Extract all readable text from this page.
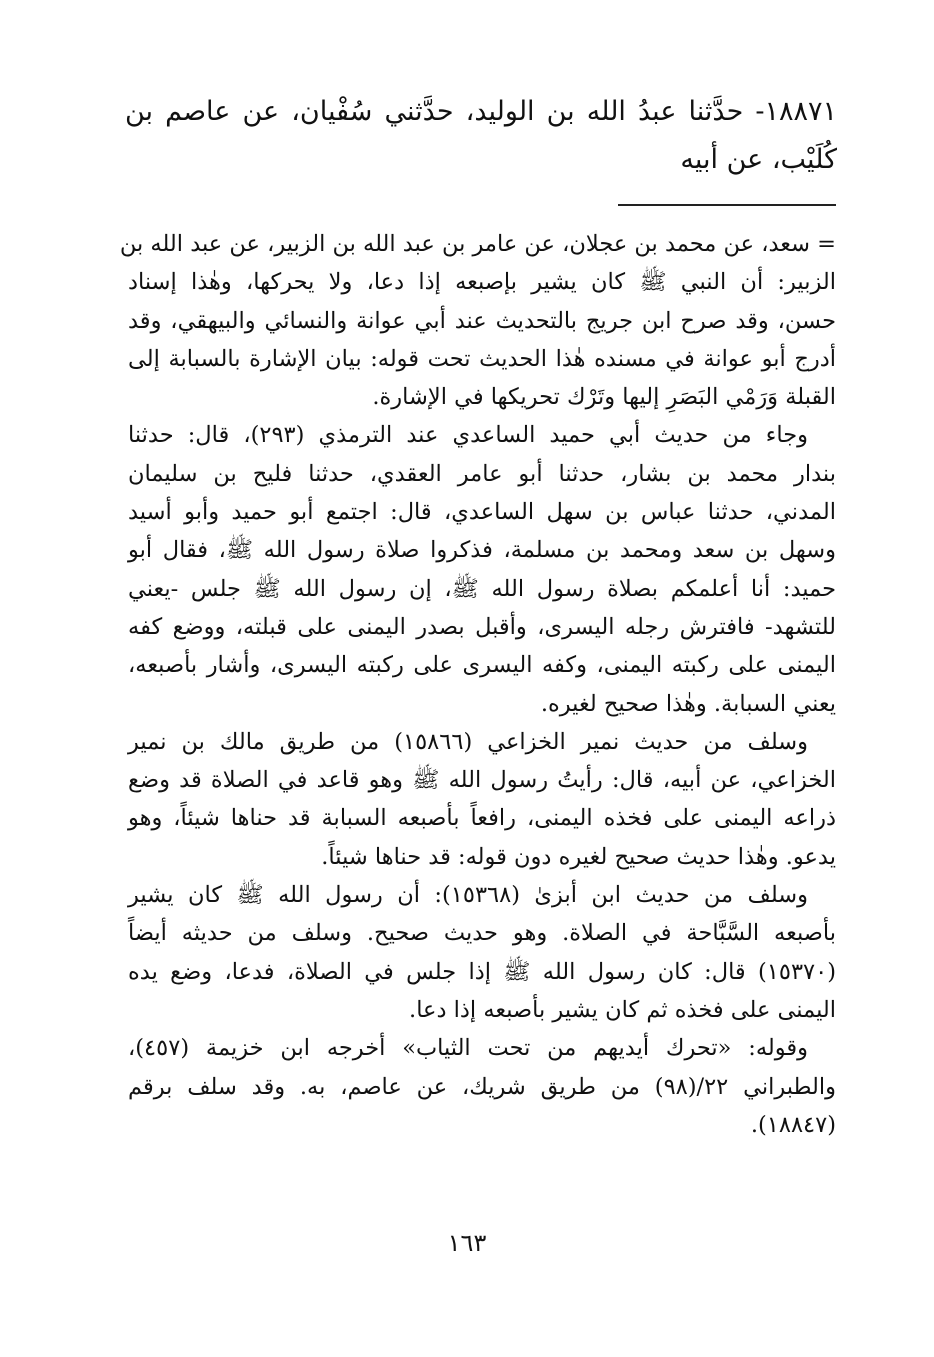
١٨٨٧١- حدَّثنا عبدُ الله بن الوليد، حدَّثني سُفْيان، عن عاصم بن
كُلَيْب، عن أبيه
= سعد، عن محمد بن عجلان، عن عامر بن عبد الله بن الزبير، عن عبد الله بن
الزبير: أن النبي ﷺ كان يشير بإصبعه إذا دعا، ولا يحركها، وهٰذا إسناد
حسن، وقد صرح ابن جريج بالتحديث عند أبي عوانة والنسائي والبيهقي، وقد
أدرج أبو عوانة في مسنده هٰذا الحديث تحت قوله: بيان الإشارة بالسبابة إلى
القبلة وَرَمْي البَصَرِ إليها وتَرْك تحريكها في الإشارة.
وجاء من حديث أبي حميد الساعدي عند الترمذي (٢٩٣)، قال: حدثنا
بندار محمد بن بشار، حدثنا أبو عامر العقدي، حدثنا فليح بن سليمان
المدني، حدثنا عباس بن سهل الساعدي، قال: اجتمع أبو حميد وأبو أسيد
وسهل بن سعد ومحمد بن مسلمة، فذكروا صلاة رسول الله ﷺ، فقال أبو
حميد: أنا أعلمكم بصلاة رسول الله ﷺ، إن رسول الله ﷺ جلس -يعني
للتشهد- فافترش رجله اليسرى، وأقبل بصدر اليمنى على قبلته، ووضع كفه
اليمنى على ركبته اليمنى، وكفه اليسرى على ركبته اليسرى، وأشار بأصبعه،
يعني السبابة. وهٰذا صحيح لغيره.
وسلف من حديث نمير الخزاعي (١٥٨٦٦) من طريق مالك بن نمير
الخزاعي، عن أبيه، قال: رأيتُ رسول الله ﷺ وهو قاعد في الصلاة قد وضع
ذراعه اليمنى على فخذه اليمنى، رافعاً بأصبعه السبابة قد حناها شيئاً، وهو
يدعو. وهٰذا حديث صحيح لغيره دون قوله: قد حناها شيئاً.
وسلف من حديث ابن أبزىٰ (١٥٣٦٨): أن رسول الله ﷺ كان يشير
بأصبعه السَّبَّاحة في الصلاة. وهو حديث صحيح. وسلف من حديثه أيضاً
(١٥٣٧٠) قال: كان رسول الله ﷺ إذا جلس في الصلاة، فدعا، وضع يده
اليمنى على فخذه ثم كان يشير بأصبعه إذا دعا.
وقوله: «تحرك أيديهم من تحت الثياب» أخرجه ابن خزيمة (٤٥٧)،
والطبراني ٢٢/(٩٨) من طريق شريك، عن عاصم، به. وقد سلف برقم
(١٨٨٤٧).
١٦٣
